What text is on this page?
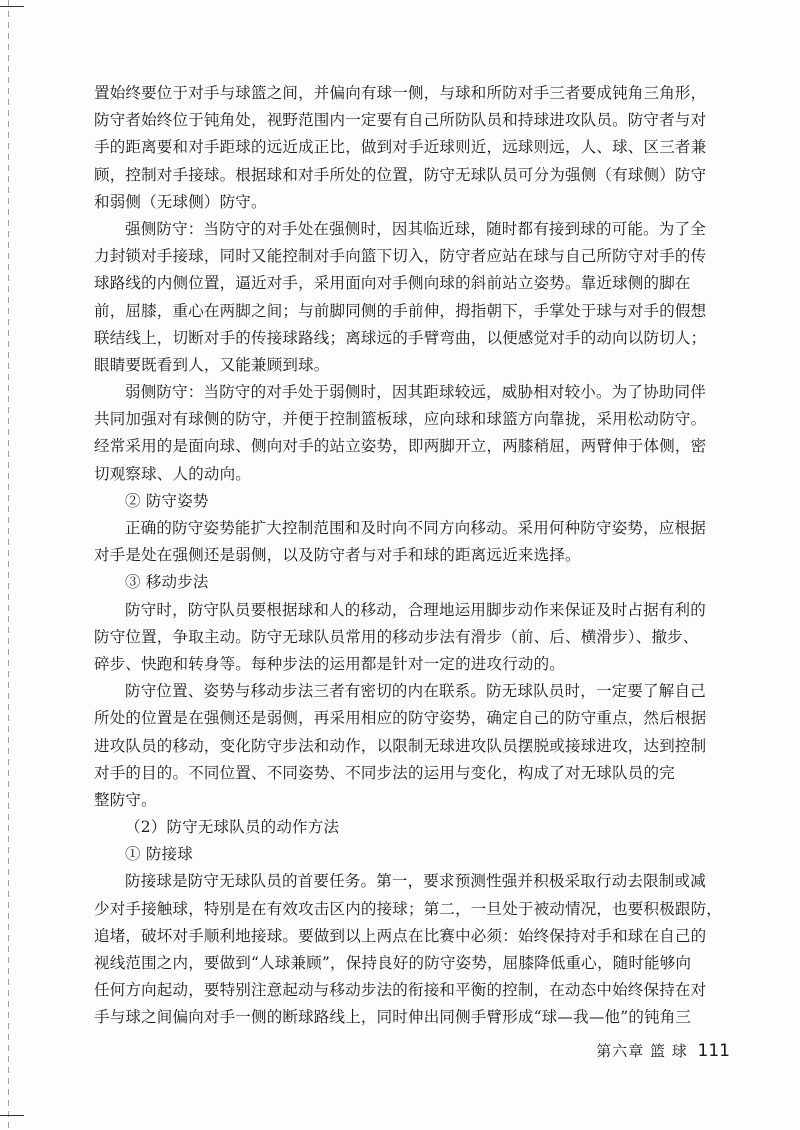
置始终要位于对手与球篮之间，并偏向有球一侧，与球和所防对手三者要成钝角三角形，
防守者始终位于钝角处，视野范围内一定要有自己所防队员和持球进攻队员。防守者与对
手的距离要和对手距球的远近成正比，做到对手近球则近，远球则远，人、球、区三者兼
顾，控制对手接球。根据球和对手所处的位置，防守无球队员可分为强侧（有球侧）防守
和弱侧（无球侧）防守。
强侧防守：当防守的对手处在强侧时，因其临近球，随时都有接到球的可能。为了全
力封锁对手接球，同时又能控制对手向篮下切入，防守者应站在球与自己所防守对手的传
球路线的内侧位置，逼近对手，采用面向对手侧向球的斜前站立姿势。靠近球侧的脚在
前，屈膝，重心在两脚之间；与前脚同侧的手前伸，拇指朝下，手掌处于球与对手的假想
联结线上，切断对手的传接球路线；离球远的手臂弯曲，以便感觉对手的动向以防切人；
眼睛要既看到人，又能兼顾到球。
弱侧防守：当防守的对手处于弱侧时，因其距球较远，威胁相对较小。为了协助同伴
共同加强对有球侧的防守，并便于控制篮板球，应向球和球篮方向靠拢，采用松动防守。
经常采用的是面向球、侧向对手的站立姿势，即两脚开立，两膝稍屈，两臂伸于体侧，密
切观察球、人的动向。
② 防守姿势
正确的防守姿势能扩大控制范围和及时向不同方向移动。采用何种防守姿势，应根据
对手是处在强侧还是弱侧，以及防守者与对手和球的距离远近来选择。
③ 移动步法
防守时，防守队员要根据球和人的移动，合理地运用脚步动作来保证及时占据有利的
防守位置，争取主动。防守无球队员常用的移动步法有滑步（前、后、横滑步）、撤步、
碎步、快跑和转身等。每种步法的运用都是针对一定的进攻行动的。
防守位置、姿势与移动步法三者有密切的内在联系。防无球队员时，一定要了解自己
所处的位置是在强侧还是弱侧，再采用相应的防守姿势，确定自己的防守重点，然后根据
进攻队员的移动，变化防守步法和动作，以限制无球进攻队员摆脱或接球进攻，达到控制
对手的目的。不同位置、不同姿势、不同步法的运用与变化，构成了对无球队员的完
整防守。
（2）防守无球队员的动作方法
① 防接球
防接球是防守无球队员的首要任务。第一，要求预测性强并积极采取行动去限制或减
少对手接触球，特别是在有效攻击区内的接球；第二，一旦处于被动情况，也要积极跟防，
追堵，破坏对手顺利地接球。要做到以上两点在比赛中必须：始终保持对手和球在自己的
视线范围之内，要做到“人球兼顾”，保持良好的防守姿势，屈膝降低重心，随时能够向
任何方向起动，要特别注意起动与移动步法的衔接和平衡的控制，在动态中始终保持在对
手与球之间偏向对手一侧的断球路线上，同时伸出同侧手臂形成“球—我—他”的钝角三
第六章 篮 球 111
